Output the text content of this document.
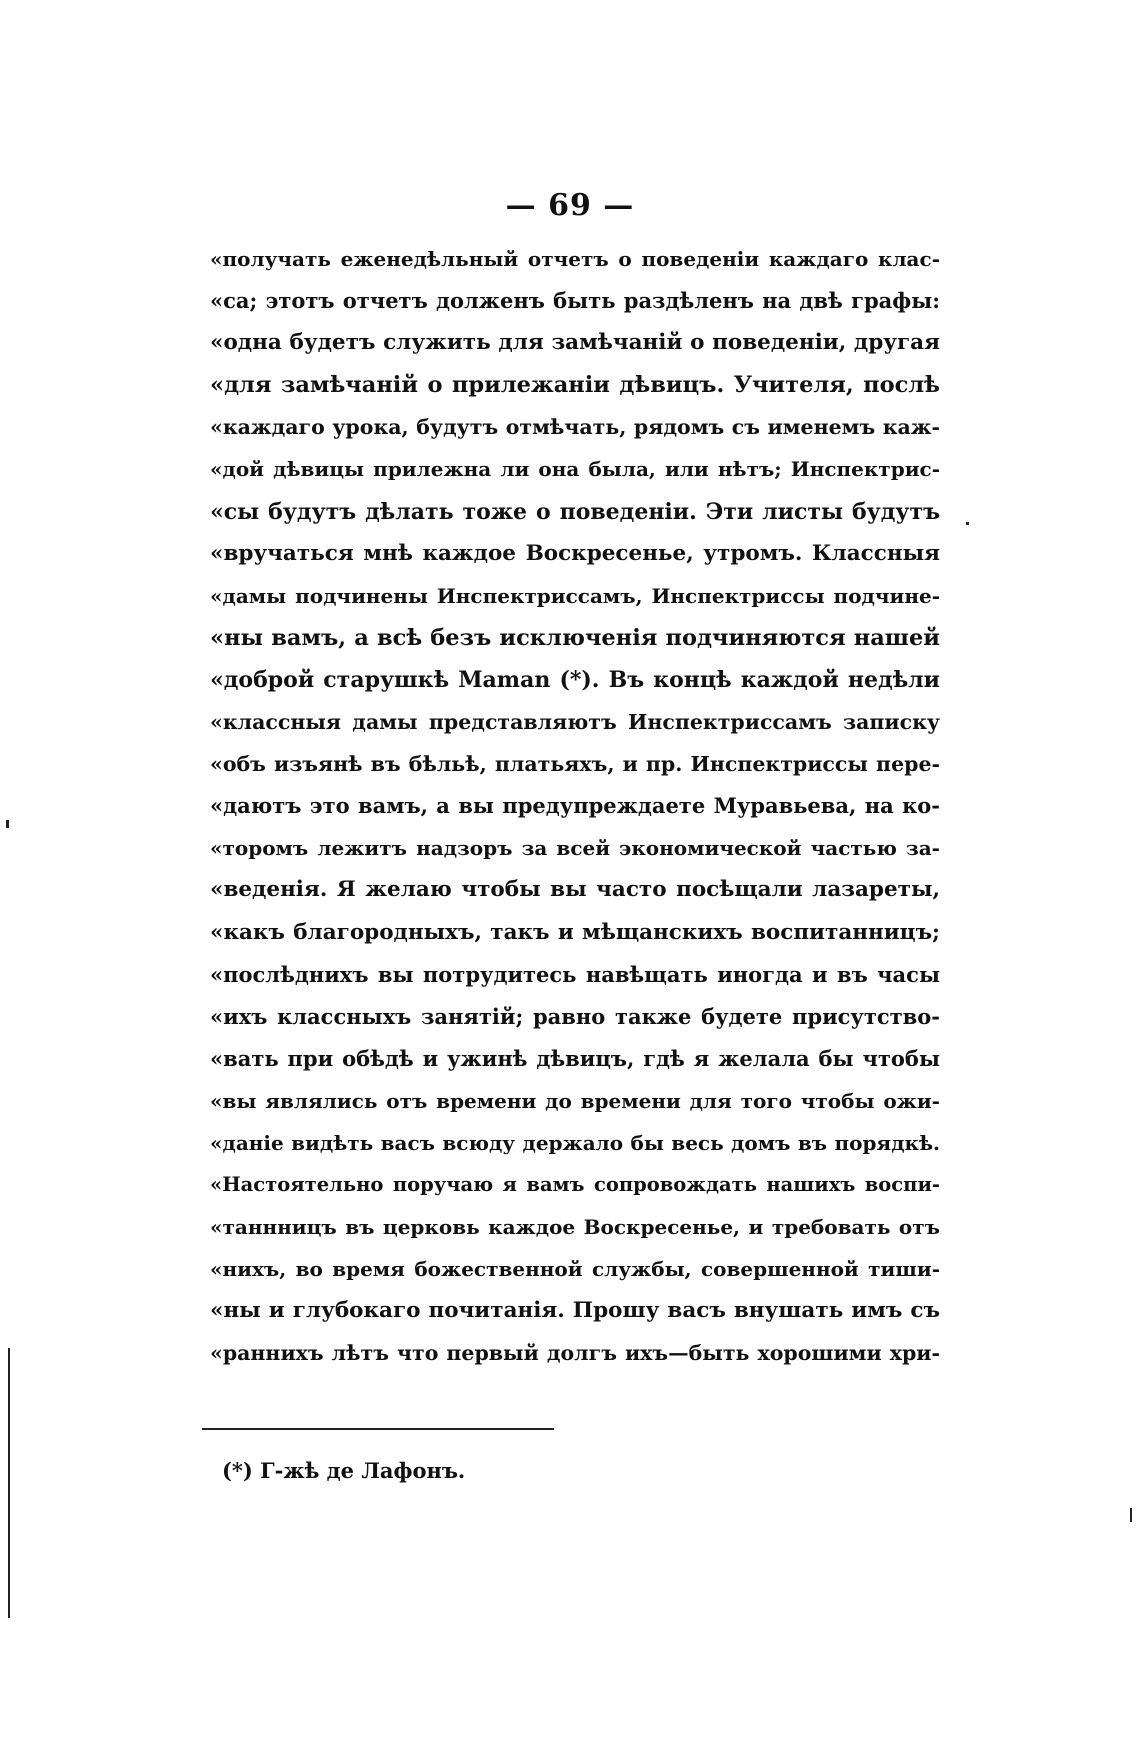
— 69 —
«получать еженедѣльный отчетъ о поведеніи каждаго клас-
«са; этотъ отчетъ долженъ быть раздѣленъ на двѣ графы:
«одна будетъ служить для замѣчаній о поведеніи, другая
«для замѣчаній о прилежаніи дѣвицъ. Учителя, послѣ
«каждаго урока, будутъ отмѣчать, рядомъ съ именемъ каж-
«дой дѣвицы прилежна ли она была, или нѣтъ; Инспектрис-
«сы будутъ дѣлать тоже о поведеніи. Эти листы будутъ
«вручаться мнѣ каждое Воскресенье, утромъ. Классныя
«дамы подчинены Инспектриссамъ, Инспектриссы подчине-
«ны вамъ, а всѣ безъ исключенія подчиняются нашей
«доброй старушкѣ Maman (*). Въ концѣ каждой недѣли
«классныя дамы представляютъ Инспектриссамъ записку
«объ изъянѣ въ бѣльѣ, платьяхъ, и пр. Инспектриссы пере-
«даютъ это вамъ, а вы предупреждаете Муравьева, на ко-
«торомъ лежитъ надзоръ за всей экономической частью за-
«веденія. Я желаю чтобы вы часто посѣщали лазареты,
«какъ благородныхъ, такъ и мѣщанскихъ воспитанницъ;
«послѣднихъ вы потрудитесь навѣщать иногда и въ часы
«ихъ классныхъ занятій; равно также будете присутство-
«вать при обѣдѣ и ужинѣ дѣвицъ, гдѣ я желала бы чтобы
«вы являлись отъ времени до времени для того чтобы ожи-
«даніе видѣть васъ всюду держало бы весь домъ въ порядкѣ.
«Настоятельно поручаю я вамъ сопровождать нашихъ воспи-
«таннницъ въ церковь каждое Воскресенье, и требовать отъ
«нихъ, во время божественной службы, совершенной тиши-
«ны и глубокаго почитанія. Прошу васъ внушать имъ съ
«раннихъ лѣтъ что первый долгъ ихъ—быть хорошими хри-
(*) Г-жѣ де Лафонъ.
